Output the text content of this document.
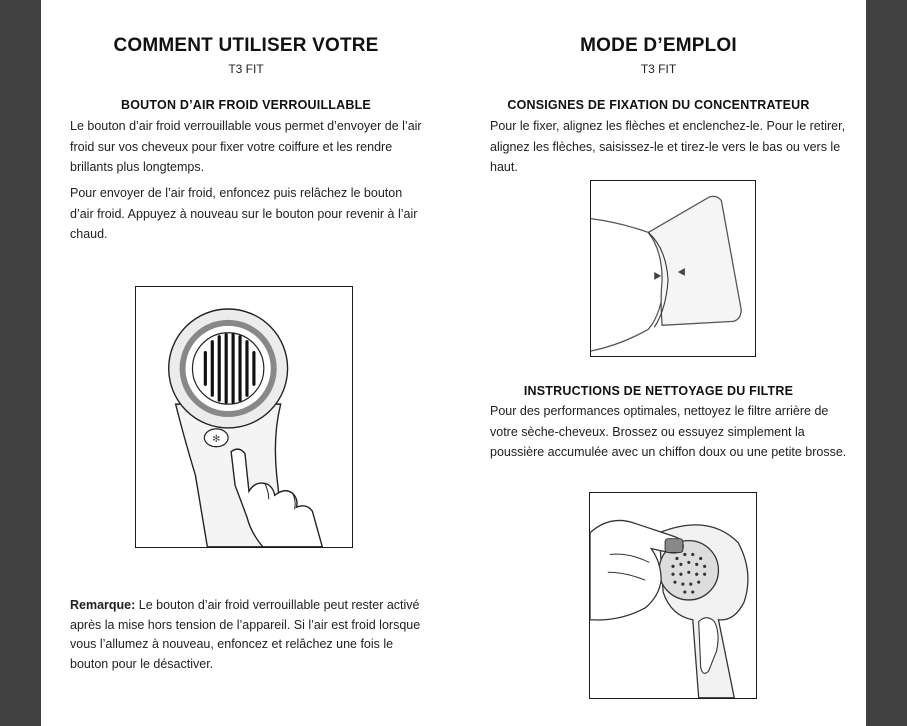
COMMENT UTILISER VOTRE
T3 FIT
BOUTON D’AIR FROID VERROUILLABLE

Le bouton d’air froid verrouillable vous permet d’envoyer de l’air froid sur vos cheveux pour fixer votre coiffure et les rendre brillants plus longtemps.

Pour envoyer de l’air froid, enfoncez puis relâchez le bouton d’air froid. Appuyez à nouveau sur le bouton pour revenir à l’air chaud.

✻

Remarque: Le bouton d’air froid verrouillable peut rester activé après la mise hors tension de l’appareil. Si l’air est froid lorsque vous l’allumez à nouveau, enfoncez et relâchez une fois le bouton pour le désactiver.

MODE D’EMPLOI
T3 FIT
CONSIGNES DE FIXATION DU CONCENTRATEUR

Pour le fixer, alignez les flèches et enclenchez-le. Pour le retirer, alignez les flèches, saisissez-le et tirez-le vers le bas ou vers le haut.

INSTRUCTIONS DE NETTOYAGE DU FILTRE

Pour des performances optimales, nettoyez le filtre arrière de votre sèche-cheveux. Brossez ou essuyez simplement la poussière accumulée avec un chiffon doux ou une petite brosse.
